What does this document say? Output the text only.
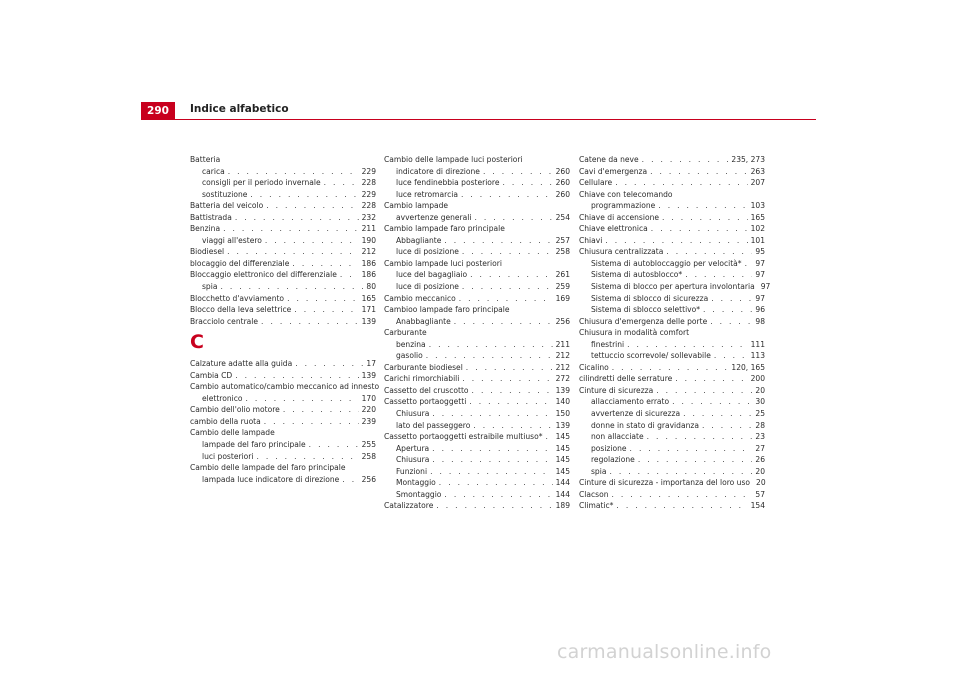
290	Indice alfabetico
Batteria
carica . . .	229
consigli per il periodo invernale . . .	228
sostituzione . . .	229
Batteria del veicolo . . .	228
Battistrada . . .	232
Benzina . . .	211
viaggi all'estero . . .	190
Biodiesel . . .	212
blocaggio del differenziale . . .	186
Bloccaggio elettronico del differenziale . . .	186
spia . . .	80
Blocchetto d'avviamento . . .	165
Blocco della leva selettrice . . .	171
Bracciolo centrale . . .	139
C
Calzature adatte alla guida . . .	17
Cambia CD . . .	139
Cambio automatico/cambio meccanico ad innesto
elettronico . . .	170
Cambio dell'olio motore . . .	220
cambio della ruota . . .	239
Cambio delle lampade
lampade del faro principale . . .	255
luci posteriori . . .	258
Cambio delle lampade del faro principale
lampada luce indicatore di direzione . . .	256
Cambio delle lampade luci posteriori
indicatore di direzione . . .	260
luce fendinebbia posteriore . . .	260
luce retromarcia . . .	260
Cambio lampade
avvertenze generali . . .	254
Cambio lampade faro principale
Abbagliante . . .	257
luce di posizione . . .	258
Cambio lampade luci posteriori
luce del bagagliaio . . .	261
luce di posizione . . .	259
Cambio meccanico . . .	169
Cambioo lampade faro principale
Anabbagliante . . .	256
Carburante
benzina . . .	211
gasolio . . .	212
Carburante biodiesel . . .	212
Carichi rimorchiabili . . .	272
Cassetto del cruscotto . . .	139
Cassetto portaoggetti . . .	140
Chiusura . . .	150
lato del passeggero . . .	139
Cassetto portaoggetti estraibile multiuso* . . . 145
Apertura . . .	145
Chiusura . . .	145
Funzioni . . .	145
Montaggio . . .	144
Smontaggio . . .	144
Catalizzatore . . .	189
Catene da neve . . .	235, 273
Cavi d'emergenza . . .	263
Cellulare . . .	207
Chiave con telecomando
programmazione . . .	103
Chiave di accensione . . .	165
Chiave elettronica . . .	102
Chiavi . . .	101
Chiusura centralizzata . . .	95
Sistema di autobloccaggio per velocità* . . . 97
Sistema di autosblocco* . . .	97
Sistema di blocco per apertura involontaria 97
Sistema di sblocco di sicurezza . . .	97
Sistema di sblocco selettivo* . . .	96
Chiusura d'emergenza delle porte . . .	98
Chiusura in modalità comfort
finestrini . . .	111
tettuccio scorrevole/ sollevabile . . .	113
Cicalino . . .	120, 165
cilindretti delle serrature . . .	200
Cinture di sicurezza . . .	20
allacciamento errato . . .	30
avvertenze di sicurezza . . .	25
donne in stato di gravidanza . . .	28
non allacciate . . .	23
posizione . . .	27
regolazione . . .	26
spia . . .	20
Cinture di sicurezza - importanza del loro uso 20
Clacson . . .	57
Climatic* . . .	154
carmanualsonline.info
